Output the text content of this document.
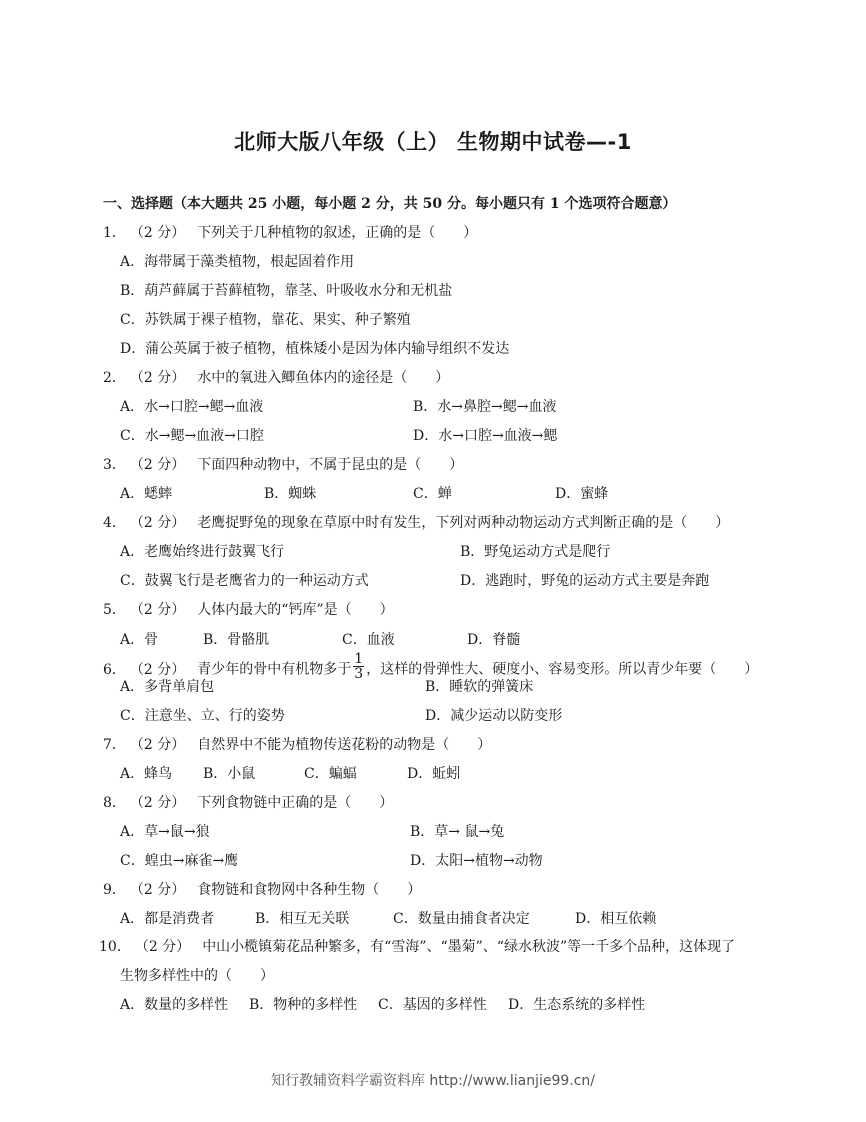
北师大版八年级（上） 生物期中试卷—-1
一、选择题（本大题共 25 小题，每小题 2 分，共 50 分。每小题只有 1 个选项符合题意）
1． （2 分） 下列关于几种植物的叙述，正确的是（　　）
A．海带属于藻类植物，根起固着作用
B．葫芦藓属于苔藓植物，靠茎、叶吸收水分和无机盐
C．苏铁属于裸子植物，靠花、果实、种子繁殖
D．蒲公英属于被子植物，植株矮小是因为体内输导组织不发达
2． （2 分） 水中的氧进入鲫鱼体内的途径是（　　）
A．水→口腔→鳃→血液	B．水→鼻腔→鳃→血液
C．水→鳃→血液→口腔	D．水→口腔→血液→鳃
3． （2 分） 下面四种动物中，不属于昆虫的是（　　）
A．蟋蟀	B．蜘蛛	C．蝉	D．蜜蜂
4． （2 分） 老鹰捉野兔的现象在草原中时有发生，下列对两种动物运动方式判断正确的是（　　）
A．老鹰始终进行鼓翼飞行	B．野兔运动方式是爬行
C．鼓翼飞行是老鹰省力的一种运动方式	D．逃跑时，野兔的运动方式主要是奔跑
5． （2 分） 人体内最大的“钙库”是（　　）
A．骨	B．骨骼肌	C．血液	D．脊髓
6． （2 分） 青少年的骨中有机物多于 $\frac{1}{3}$ ，这样的骨弹性大、硬度小、容易变形。所以青少年要（　　）
A．多背单肩包	B．睡软的弹簧床
C．注意坐、立、行的姿势	D．减少运动以防变形
7． （2 分） 自然界中不能为植物传送花粉的动物是（　　）
A．蜂鸟 B．小鼠	C．蝙蝠	D．蚯蚓
8． （2 分） 下列食物链中正确的是（　　）
A．草→鼠→狼	B．草→ 鼠→兔
C．蝗虫→麻雀→鹰	D．太阳→植物→动物
9． （2 分） 食物链和食物网中各种生物（　　）
A．都是消费者	B．相互无关联	C．数量由捕食者决定	D．相互依赖
10． （2 分） 中山小榄镇菊花品种繁多，有“雪海”、“墨菊”、“绿水秋波”等一千多个品种，这体现了
生物多样性中的（　　）
A．数量的多样性 B．物种的多样性 C．基因的多样性 D．生态系统的多样性
知行教辅资料学霸资料库 http://www.lianjie99.cn/
